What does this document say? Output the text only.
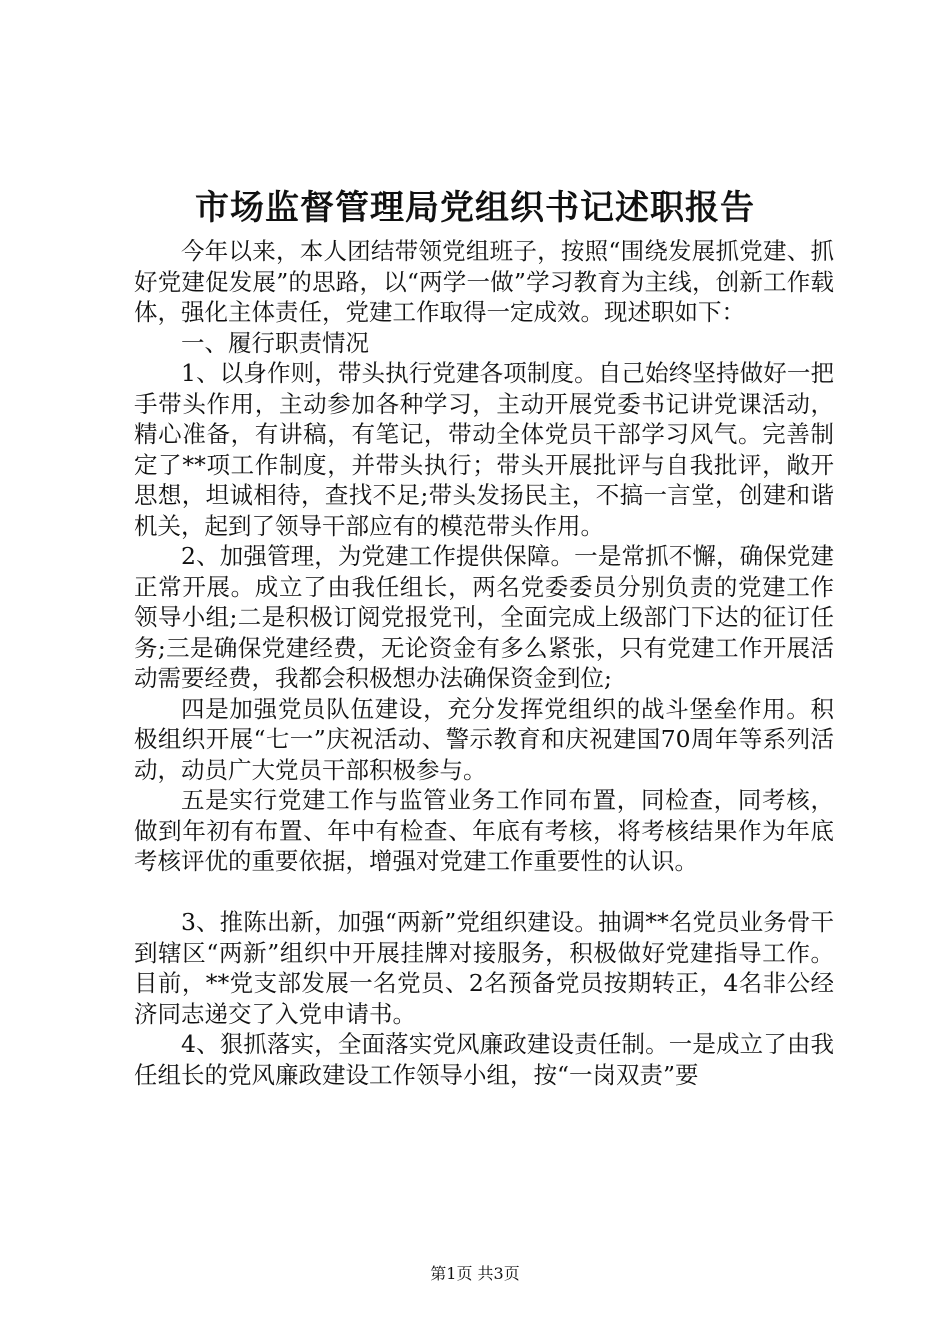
市场监督管理局党组织书记述职报告

今年以来，本人团结带领党组班子，按照“围绕发展抓党建、抓好党建促发展”的思路，以“两学一做”学习教育为主线，创新工作载体，强化主体责任，党建工作取得一定成效。现述职如下：

一、履行职责情况

1、以身作则，带头执行党建各项制度。自己始终坚持做好一把手带头作用，主动参加各种学习，主动开展党委书记讲党课活动，精心准备，有讲稿，有笔记，带动全体党员干部学习风气。完善制定了**项工作制度，并带头执行；带头开展批评与自我批评，敞开思想，坦诚相待，查找不足;带头发扬民主，不搞一言堂，创建和谐机关，起到了领导干部应有的模范带头作用。

2、加强管理，为党建工作提供保障。一是常抓不懈，确保党建正常开展。成立了由我任组长，两名党委委员分别负责的党建工作领导小组;二是积极订阅党报党刊，全面完成上级部门下达的征订任务;三是确保党建经费，无论资金有多么紧张，只有党建工作开展活动需要经费，我都会积极想办法确保资金到位;

四是加强党员队伍建设，充分发挥党组织的战斗堡垒作用。积极组织开展“七一”庆祝活动、警示教育和庆祝建国70周年等系列活动，动员广大党员干部积极参与。

五是实行党建工作与监管业务工作同布置，同检查，同考核，做到年初有布置、年中有检查、年底有考核，将考核结果作为年底考核评优的重要依据，增强对党建工作重要性的认识。

3、推陈出新，加强“两新”党组织建设。抽调**名党员业务骨干到辖区“两新”组织中开展挂牌对接服务，积极做好党建指导工作。目前，**党支部发展一名党员、2名预备党员按期转正，4名非公经济同志递交了入党申请书。

4、狠抓落实，全面落实党风廉政建设责任制。一是成立了由我任组长的党风廉政建设工作领导小组，按“一岗双责”要

第1页 共3页
